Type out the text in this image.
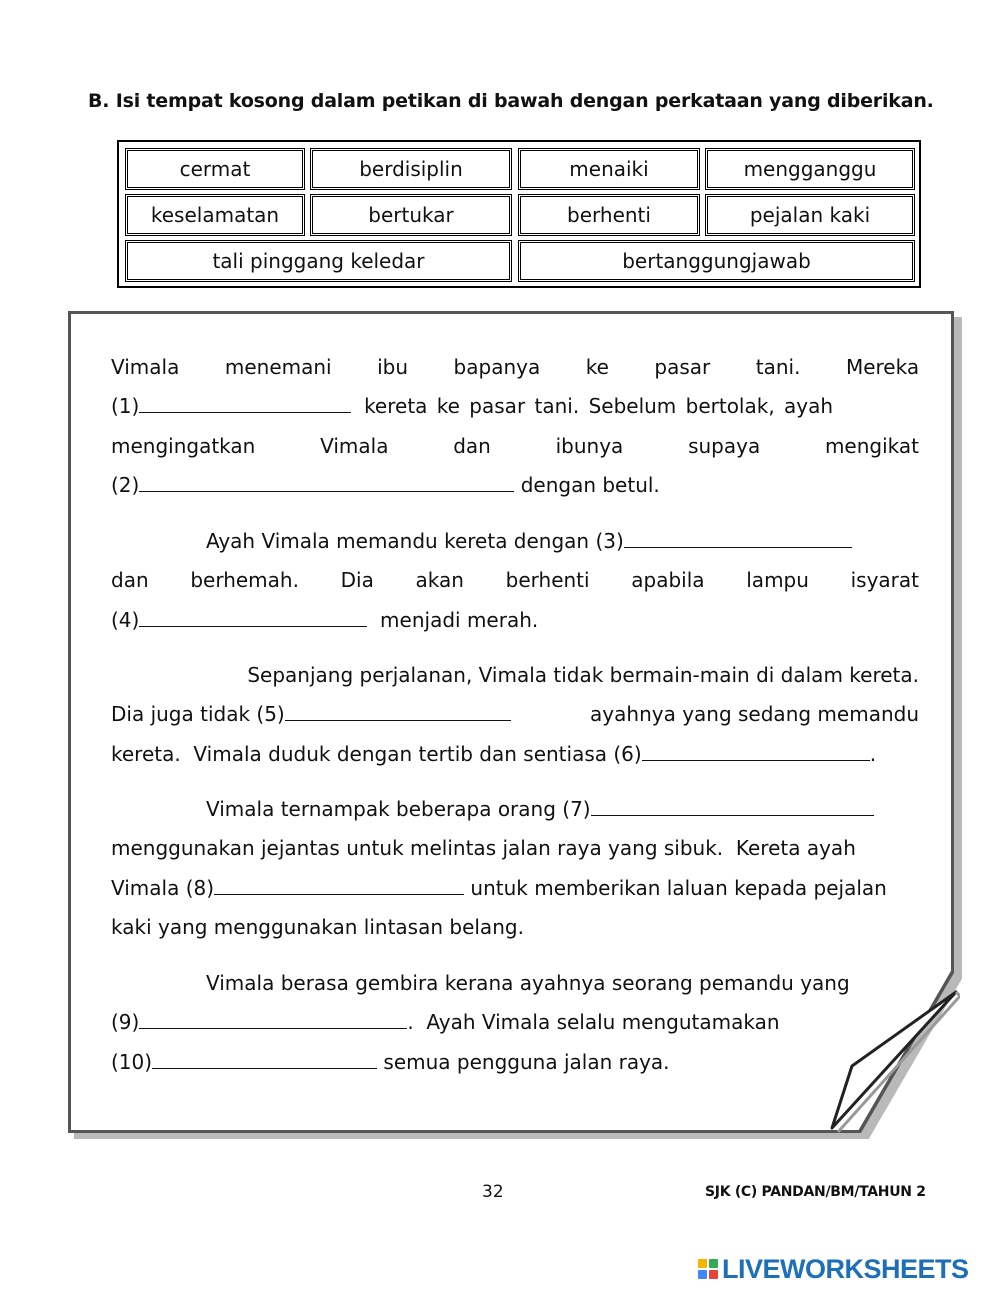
B. Isi tempat kosong dalam petikan di bawah dengan perkataan yang diberikan.
cermat	berdisiplin	menaiki	mengganggu
keselamatan	bertukar	berhenti	pejalan kaki
tali pinggang keledar	bertanggungjawab
Vimala menemani ibu bapanya ke pasar tani. Mereka
(1)	kereta ke pasar tani. Sebelum bertolak, ayah
mengingatkan	Vimala	dan	ibunya	supaya	mengikat
(2)	dengan betul.
Ayah Vimala memandu kereta dengan (3)
dan berhemah. Dia akan berhenti apabila lampu isyarat
(4)	menjadi merah.
Sepanjang perjalanan, Vimala tidak bermain-main di dalam kereta.
Dia juga tidak (5)	ayahnya yang sedang memandu
kereta.  Vimala duduk dengan tertib dan sentiasa (6)	.
Vimala ternampak beberapa orang (7)
menggunakan jejantas untuk melintas jalan raya yang sibuk.  Kereta ayah
Vimala (8)	untuk memberikan laluan kepada pejalan
kaki yang menggunakan lintasan belang.
Vimala berasa gembira kerana ayahnya seorang pemandu yang
(9)	.  Ayah Vimala selalu mengutamakan
(10)	semua pengguna jalan raya.
32	SJK (C) PANDAN/BM/TAHUN 2
LIVEWORKSHEETS
